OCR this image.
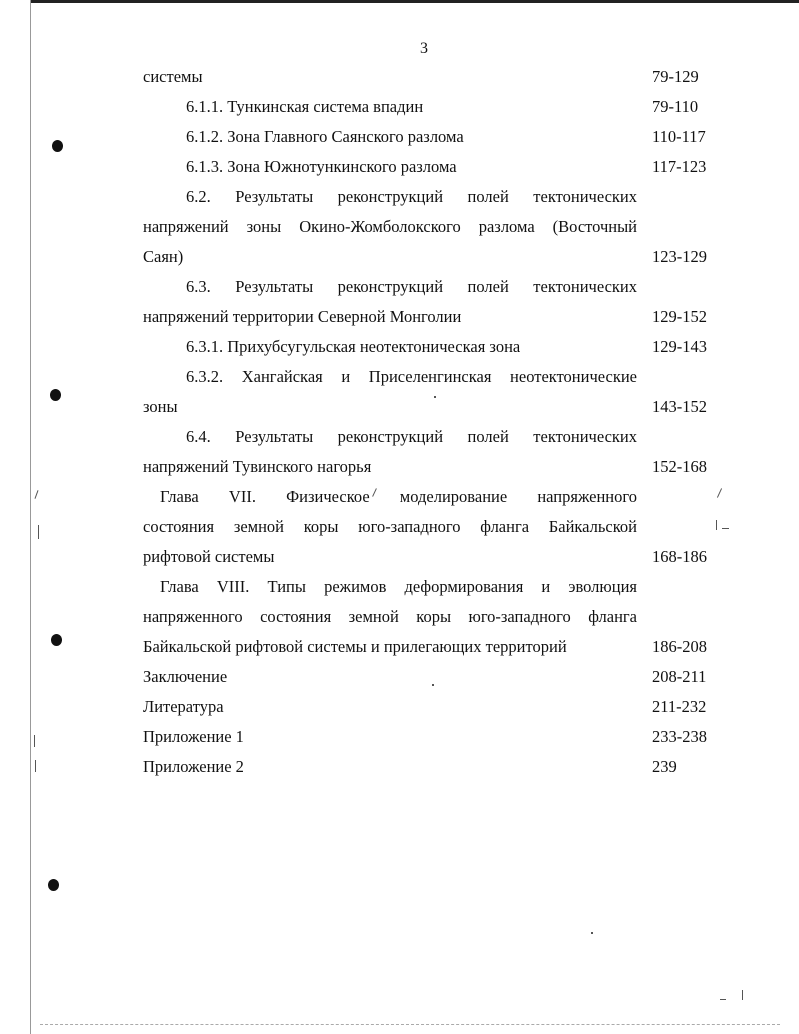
3
системы	79-129
6.1.1. Тункинская система впадин	79-110
6.1.2. Зона Главного Саянского разлома	110-117
6.1.3. Зона Южнотункинского разлома	117-123
6.2. Результаты реконструкций полей тектонических
напряжений зоны Окино-Жомболокского разлома (Восточный
Саян)	123-129
6.3. Результаты реконструкций полей тектонических
напряжений территории Северной Монголии	129-152
6.3.1. Прихубсугульская неотектоническая зона	129-143
6.3.2. Хангайская и Приселенгинская неотектонические
зоны	143-152
6.4. Результаты реконструкций полей тектонических
напряжений Тувинского нагорья	152-168
Глава VII. Физическое моделирование напряженного
состояния земной коры юго-западного фланга Байкальской
рифтовой системы	168-186
Глава VIII. Типы режимов деформирования и эволюция
напряженного состояния земной коры юго-западного фланга
Байкальской рифтовой системы и прилегающих территорий	186-208
Заключение	208-211
Литература	211-232
Приложение 1	233-238
Приложение 2	239
